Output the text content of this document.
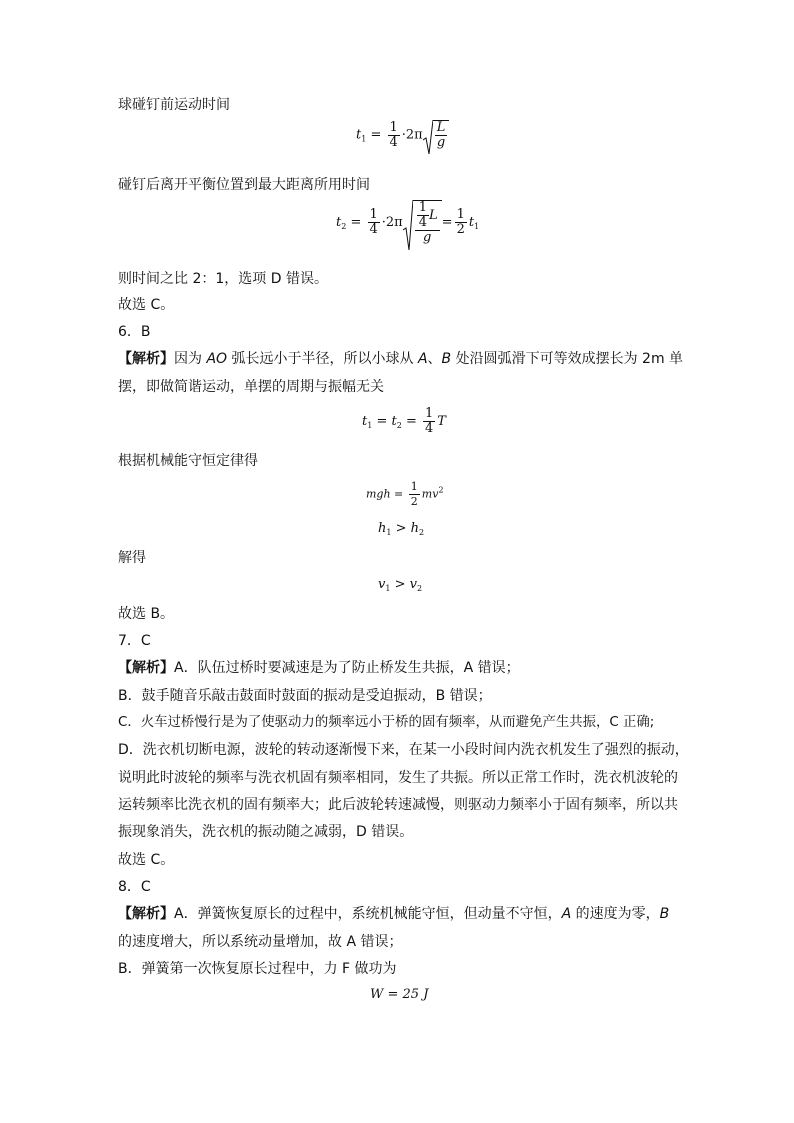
球碰钉前运动时间
$t_1 = \frac{1}{4} \cdot 2\pi \frac{L}{g}$
碰钉后离开平衡位置到最大距离所用时间
$t_2 = \frac{1}{4} \cdot 2\pi \frac{\frac{1}{4} L}{g} = \frac{1}{2} t_1$
则时间之比 2：1，选项 D 错误。
故选 C。
6．B
【解析】因为 AO 弧长远小于半径，所以小球从 A、B 处沿圆弧滑下可等效成摆长为 2m 单
摆，即做简谐运动，单摆的周期与振幅无关
$t_1 = t_2 = \frac{1}{4}$ T
根据机械能守恒定律得
mgh = $\frac{1}{2} mv^2$
$h_1 > h_2$
解得
$v_1 > v_2$
故选 B。
7．C
【解析】A．队伍过桥时要减速是为了防止桥发生共振，A 错误；
B．鼓手随音乐敲击鼓面时鼓面的振动是受迫振动，B 错误；
C．火车过桥慢行是为了使驱动力的频率远小于桥的固有频率，从而避免产生共振，C 正确;
D．洗衣机切断电源，波轮的转动逐渐慢下来，在某一小段时间内洗衣机发生了强烈的振动，
说明此时波轮的频率与洗衣机固有频率相同，发生了共振。所以正常工作时，洗衣机波轮的
运转频率比洗衣机的固有频率大；此后波轮转速减慢，则驱动力频率小于固有频率，所以共
振现象消失，洗衣机的振动随之减弱，D 错误。
故选 C。
8．C
【解析】A．弹簧恢复原长的过程中，系统机械能守恒，但动量不守恒，A 的速度为零，B
的速度增大，所以系统动量增加，故 A 错误；
B．弹簧第一次恢复原长过程中，力 F 做功为
W = 25 J
